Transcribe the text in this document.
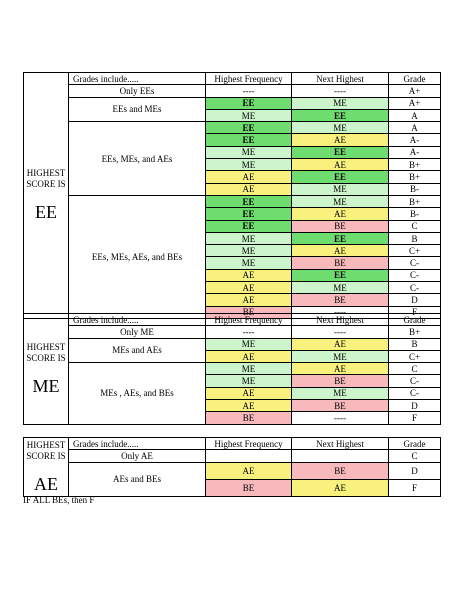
HIGHEST
SCORE IS
EE	Grades include.....	Highest Frequency	Next Highest	Grade
	Only EEs	----	----	A+
	EEs and MEs	EE	ME	A+
		ME	EE	A
	EEs, MEs, and AEs	EE	ME	A
		EE	AE	A-
		ME	EE	A-
		ME	AE	B+
		AE	EE	B+
		AE	ME	B-
	EEs, MEs, AEs, and BEs	EE	ME	B+
		EE	AE	B-
		EE	BE	C
		ME	EE	B
		ME	AE	C+
		ME	BE	C-
		AE	EE	C-
		AE	ME	C-
		AE	BE	D
		BE	----	F
HIGHEST
SCORE IS
ME	Grades include.....	Highest Frequency	Next Highest	Grade
	Only ME	----	----	B+
	MEs and AEs	ME	AE	B
		AE	ME	C+
	MEs , AEs, and BEs	ME	AE	C
		ME	BE	C-
		AE	ME	C-
		AE	BE	D
		BE	----	F
HIGHEST
SCORE IS
AE	Grades include.....	Highest Frequency	Next Highest	Grade
	Only AE			C
	AEs and BEs	AE	BE	D
		BE	AE	F
IF ALL BEs, then F
